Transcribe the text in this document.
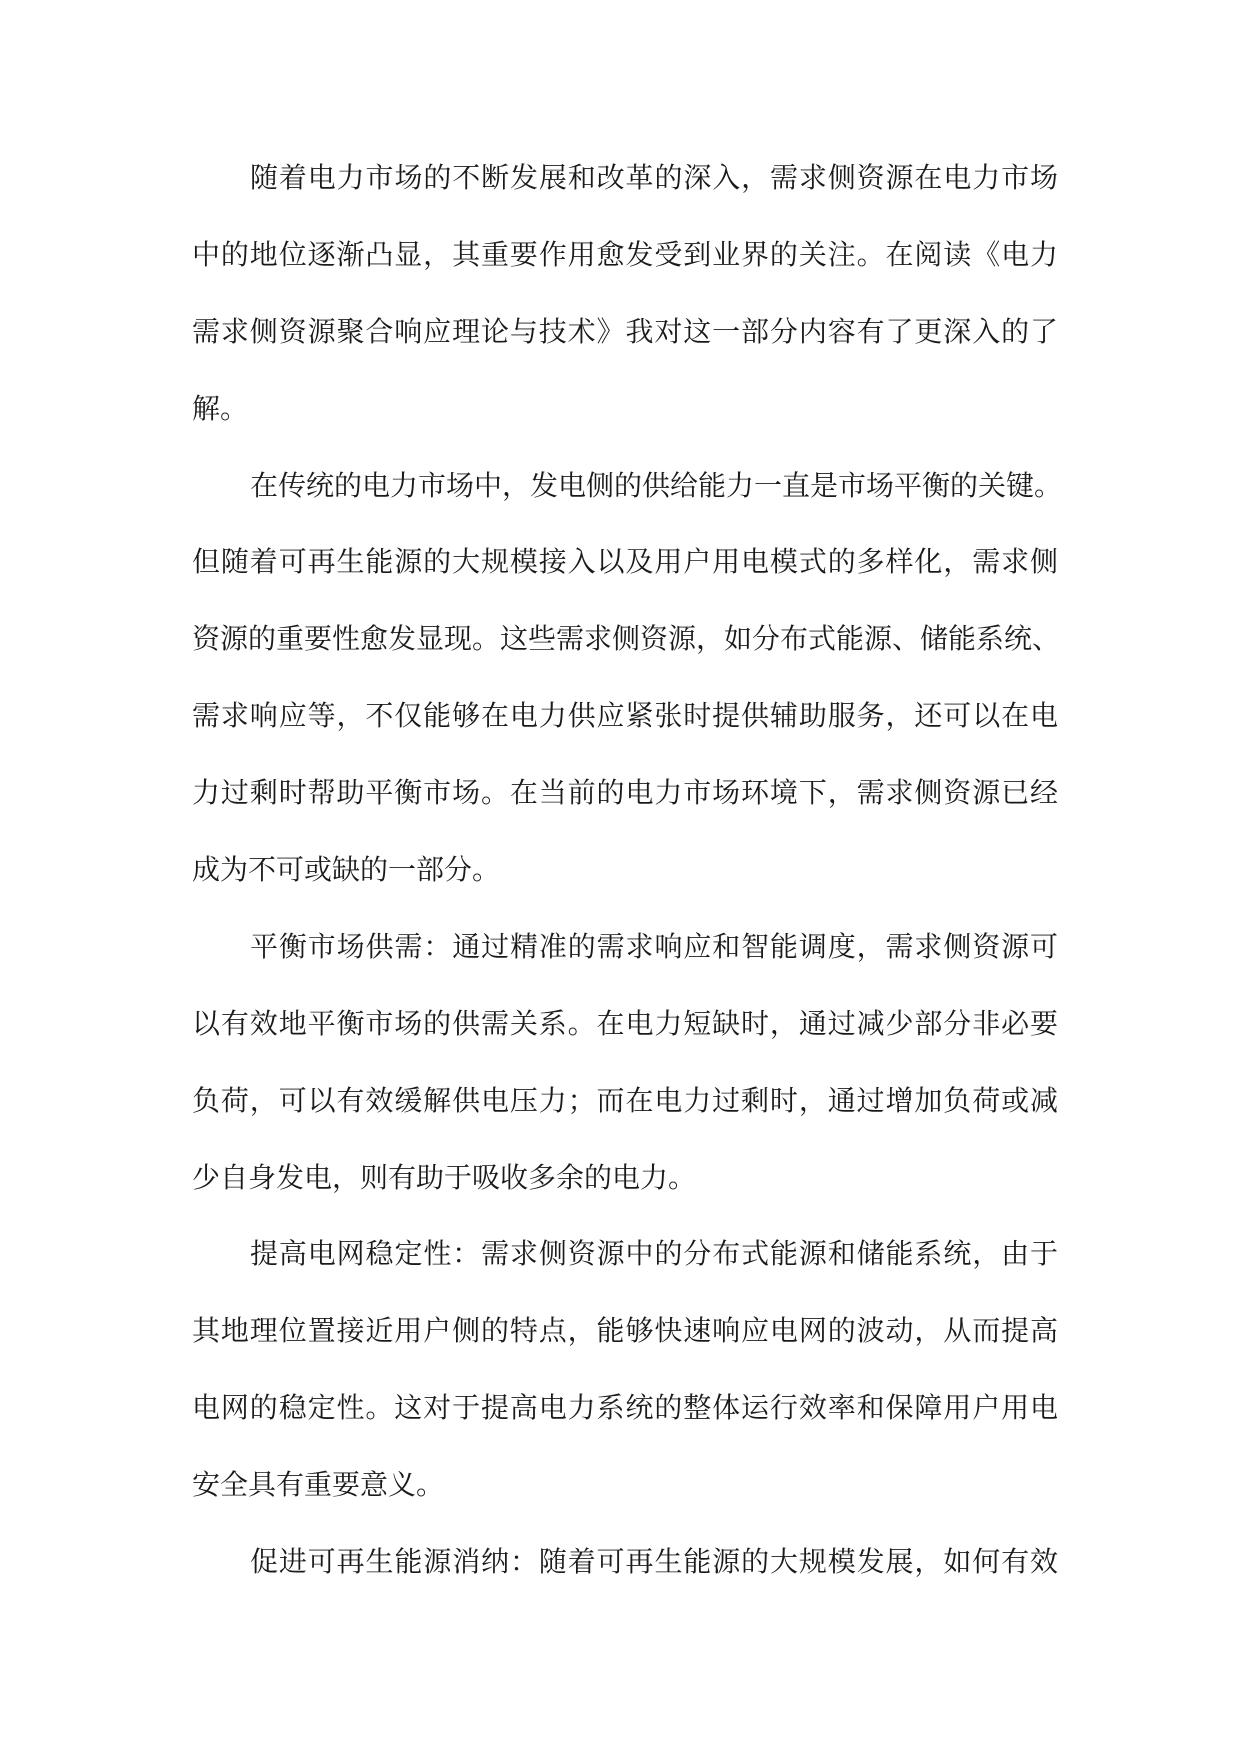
随着电力市场的不断发展和改革的深入，需求侧资源在电力市场
中的地位逐渐凸显，其重要作用愈发受到业界的关注。在阅读《电力
需求侧资源聚合响应理论与技术》我对这一部分内容有了更深入的了
解。
在传统的电力市场中，发电侧的供给能力一直是市场平衡的关键。
但随着可再生能源的大规模接入以及用户用电模式的多样化，需求侧
资源的重要性愈发显现。这些需求侧资源，如分布式能源、储能系统、
需求响应等，不仅能够在电力供应紧张时提供辅助服务，还可以在电
力过剩时帮助平衡市场。在当前的电力市场环境下，需求侧资源已经
成为不可或缺的一部分。
平衡市场供需：通过精准的需求响应和智能调度，需求侧资源可
以有效地平衡市场的供需关系。在电力短缺时，通过减少部分非必要
负荷，可以有效缓解供电压力；而在电力过剩时，通过增加负荷或减
少自身发电，则有助于吸收多余的电力。
提高电网稳定性：需求侧资源中的分布式能源和储能系统，由于
其地理位置接近用户侧的特点，能够快速响应电网的波动，从而提高
电网的稳定性。这对于提高电力系统的整体运行效率和保障用户用电
安全具有重要意义。
促进可再生能源消纳：随着可再生能源的大规模发展，如何有效
